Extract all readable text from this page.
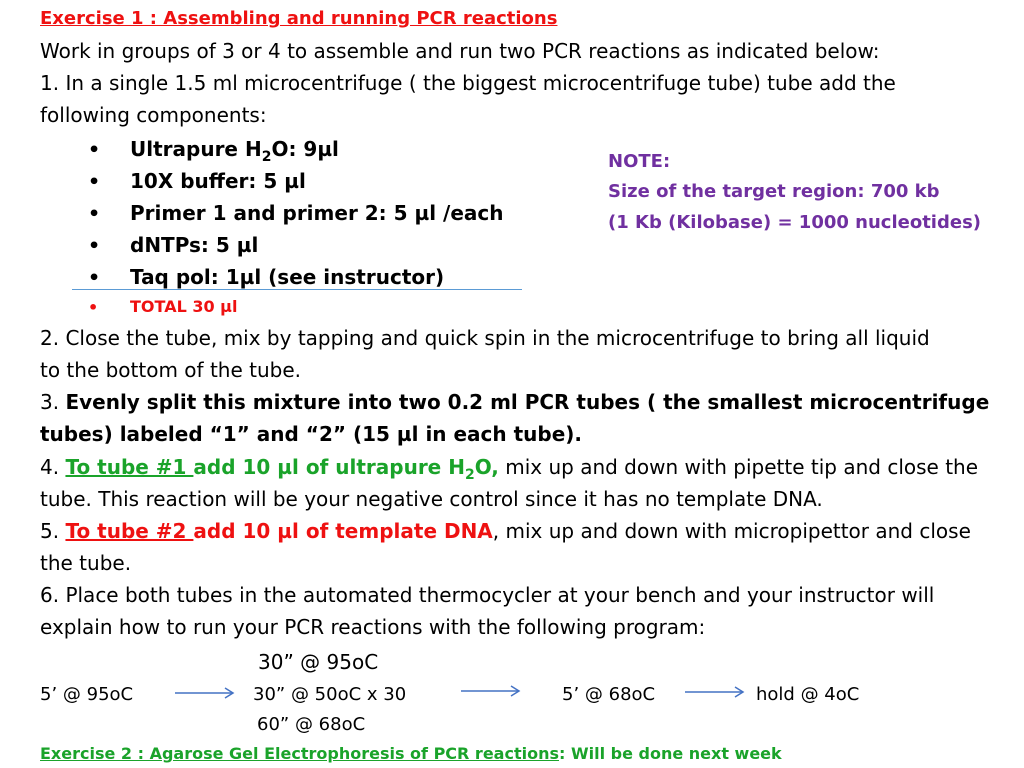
Exercise 1 : Assembling and running PCR reactions
Work in groups of 3 or 4 to assemble and run two PCR reactions as indicated below:
1. In a single 1.5 ml microcentrifuge ( the biggest microcentrifuge tube) tube add the
following components:
• Ultrapure $H_2O$: 9µl
• 10X buffer: 5 µl
• Primer 1 and primer 2: 5 µl /each
• dNTPs: 5 µl
• Taq pol: 1µl (see instructor)
• TOTAL 30 µl
NOTE:
Size of the target region: 700 kb
(1 Kb (Kilobase) = 1000 nucleotides)
2. Close the tube, mix by tapping and quick spin in the microcentrifuge to bring all liquid
to the bottom of the tube.
3. Evenly split this mixture into two 0.2 ml PCR tubes ( the smallest microcentrifuge
tubes) labeled “1” and “2” (15 µl in each tube).
4. To tube #1 add 10 µl of ultrapure $H_2O$, mix up and down with pipette tip and close the
tube. This reaction will be your negative control since it has no template DNA.
5. To tube #2 add 10 µl of template DNA, mix up and down with micropipettor and close
the tube.
6. Place both tubes in the automated thermocycler at your bench and your instructor will
explain how to run your PCR reactions with the following program:
30” @ 95oC
5’ @ 95oC	30” @ 50oC x 30	5’ @ 68oC	hold @ 4oC
60” @ 68oC
Exercise 2 : Agarose Gel Electrophoresis of PCR reactions: Will be done next week
